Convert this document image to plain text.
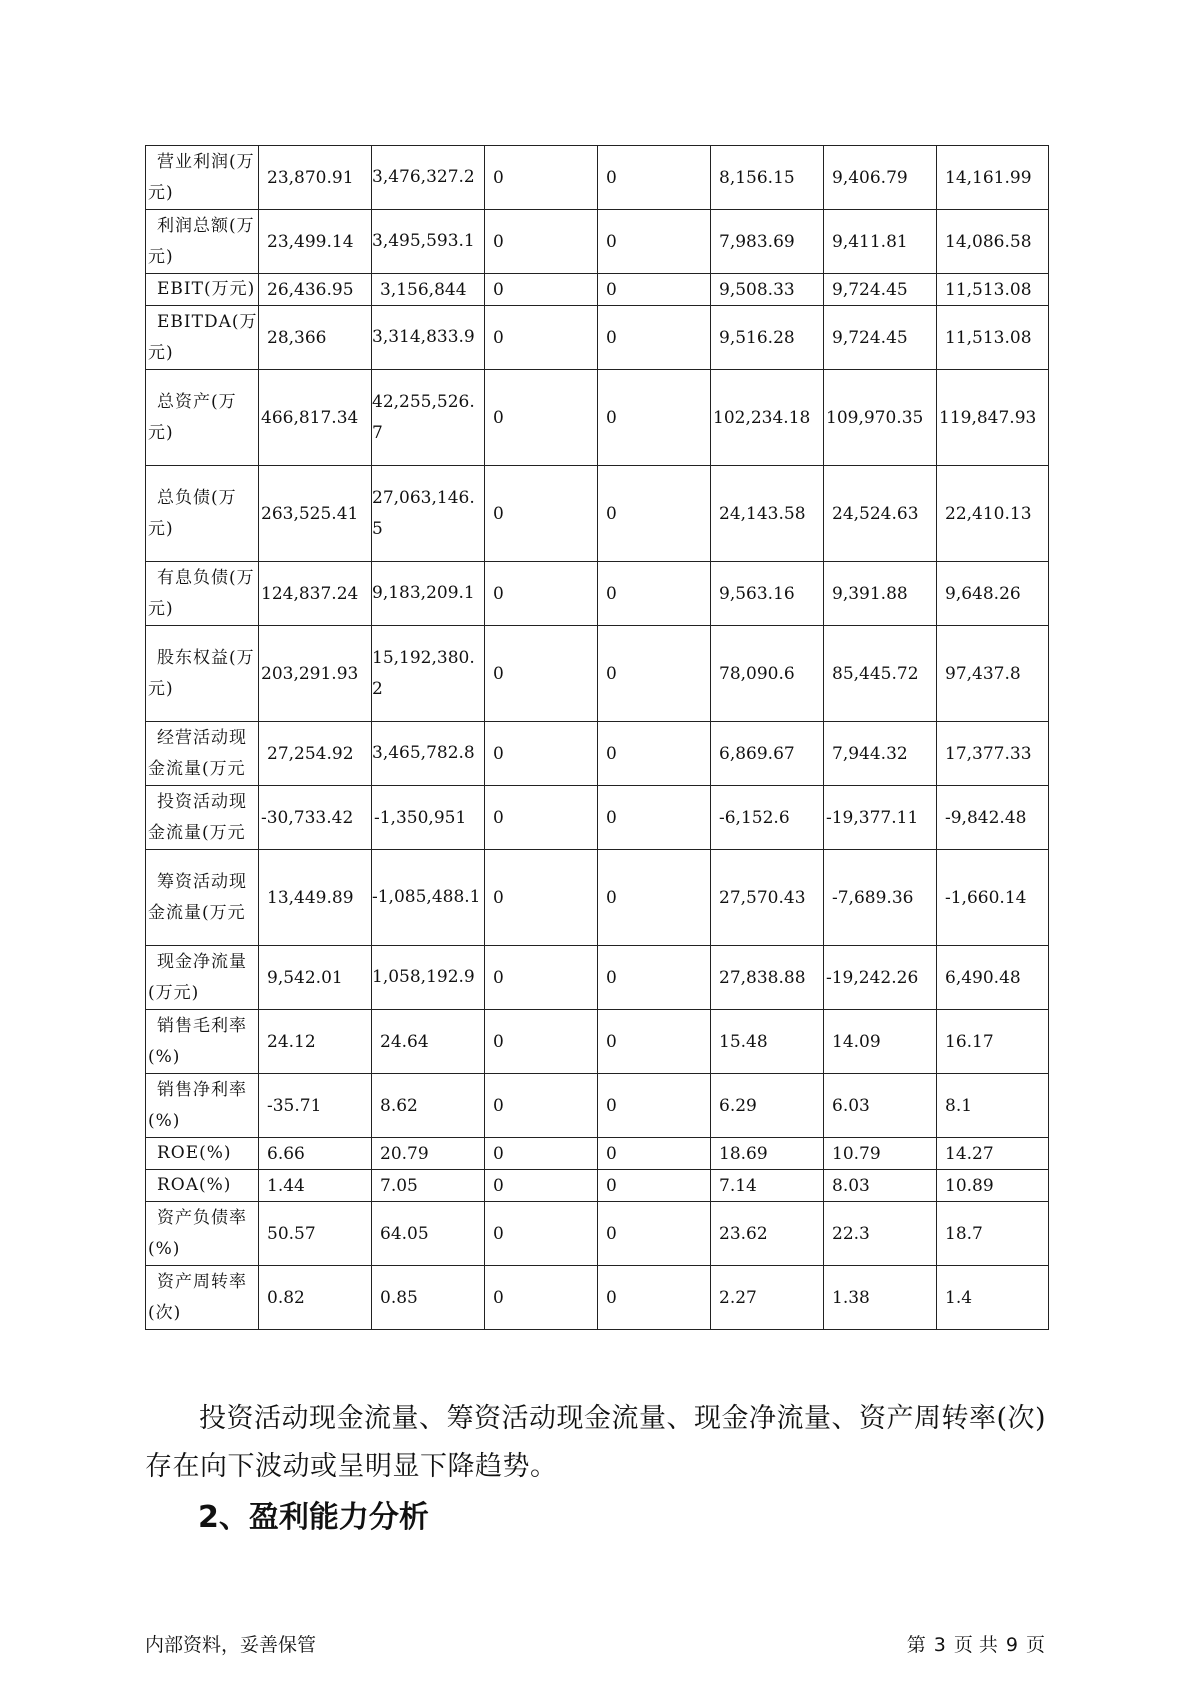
营业利润(万元)	23,870.91	3,476,327.2	0	0	8,156.15	9,406.79	14,161.99

利润总额(万元)	23,499.14	3,495,593.1	0	0	7,983.69	9,411.81	14,086.58

EBIT(万元)	26,436.95	3,156,844	0	0	9,508.33	9,724.45	11,513.08

EBITDA(万元)	28,366	3,314,833.9	0	0	9,516.28	9,724.45	11,513.08

总资产(万元)	466,817.34	42,255,526.7	0	0	102,234.18	109,970.35	119,847.93

总负债(万元)	263,525.41	27,063,146.5	0	0	24,143.58	24,524.63	22,410.13

有息负债(万元)	124,837.24	9,183,209.1	0	0	9,563.16	9,391.88	9,648.26

股东权益(万元)	203,291.93	15,192,380.2	0	0	78,090.6	85,445.72	97,437.8

经营活动现金流量(万元	27,254.92	3,465,782.8	0	0	6,869.67	7,944.32	17,377.33

投资活动现金流量(万元	-30,733.42	-1,350,951	0	0	-6,152.6	-19,377.11	-9,842.48

筹资活动现金流量(万元	13,449.89	-1,085,488.1	0	0	27,570.43	-7,689.36	-1,660.14

现金净流量(万元)	9,542.01	1,058,192.9	0	0	27,838.88	-19,242.26	6,490.48

销售毛利率(%)	24.12	24.64	0	0	15.48	14.09	16.17

销售净利率(%)	-35.71	8.62	0	0	6.29	6.03	8.1

ROE(%)	6.66	20.79	0	0	18.69	10.79	14.27

ROA(%)	1.44	7.05	0	0	7.14	8.03	10.89

资产负债率(%)	50.57	64.05	0	0	23.62	22.3	18.7

资产周转率(次)	0.82	0.85	0	0	2.27	1.38	1.4

投资活动现金流量、筹资活动现金流量、现金净流量、资产周转率(次)存在向下波动或呈明显下降趋势。

2、盈利能力分析
内部资料，妥善保管	第 3 页 共 9 页
